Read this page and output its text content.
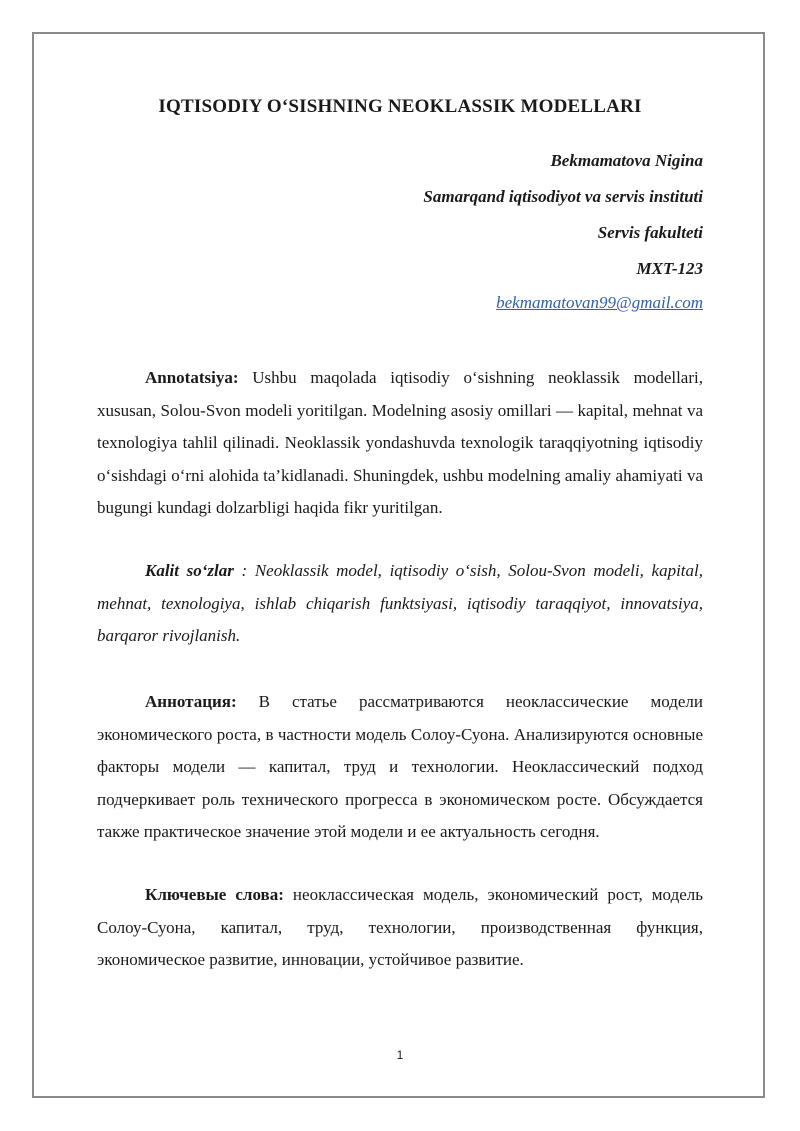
IQTISODIY O‘SISHNING NEOKLASSIK MODELLARI
Bekmamatova Nigina
Samarqand iqtisodiyot va servis instituti
Servis fakulteti
MXT-123
bekmamatovan99@gmail.com

Annotatsiya: Ushbu maqolada iqtisodiy o‘sishning neoklassik modellari, xususan, Solou-Svon modeli yoritilgan. Modelning asosiy omillari — kapital, mehnat va texnologiya tahlil qilinadi. Neoklassik yondashuvda texnologik taraqqiyotning iqtisodiy o‘sishdagi o‘rni alohida ta’kidlanadi. Shuningdek, ushbu modelning amaliy ahamiyati va bugungi kundagi dolzarbligi haqida fikr yuritilgan.

Kalit so‘zlar : Neoklassik model, iqtisodiy o‘sish, Solou-Svon modeli, kapital, mehnat, texnologiya, ishlab chiqarish funktsiyasi, iqtisodiy taraqqiyot, innovatsiya, barqaror rivojlanish.

Аннотация: В статье рассматриваются неоклассические модели экономического роста, в частности модель Солоу-Суона. Анализируются основные факторы модели — капитал, труд и технологии. Неоклассический подход подчеркивает роль технического прогресса в экономическом росте. Обсуждается также практическое значение этой модели и ее актуальность сегодня.

Ключевые слова: неоклассическая модель, экономический рост, модель Солоу-Суона, капитал, труд, технологии, производственная функция, экономическое развитие, инновации, устойчивое развитие.

1
